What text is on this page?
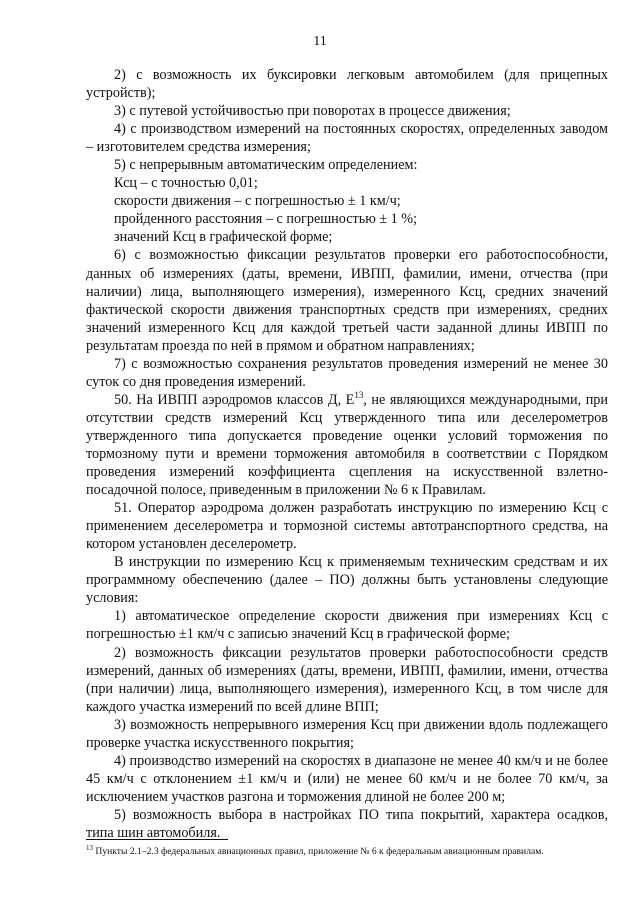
11

2) с возможность их буксировки легковым автомобилем (для прицепных устройств);

3) с путевой устойчивостью при поворотах в процессе движения;

4) с производством измерений на постоянных скоростях, определенных заводом – изготовителем средства измерения;

5) с непрерывным автоматическим определением:

Ксц – с точностью 0,01;

скорости движения – с погрешностью ± 1 км/ч;

пройденного расстояния – с погрешностью ± 1 %;

значений Ксц в графической форме;

6) с возможностью фиксации результатов проверки его работоспособности, данных об измерениях (даты, времени, ИВПП, фамилии, имени, отчества (при наличии) лица, выполняющего измерения), измеренного Ксц, средних значений фактической скорости движения транспортных средств при измерениях, средних значений измеренного Ксц для каждой третьей части заданной длины ИВПП по результатам проезда по ней в прямом и обратном направлениях;

7) с возможностью сохранения результатов проведения измерений не менее 30 суток со дня проведения измерений.

50. На ИВПП аэродромов классов Д, $Е^{13}$, не являющихся международными, при отсутствии средств измерений Ксц утвержденного типа или деселерометров утвержденного типа допускается проведение оценки условий торможения по тормозному пути и времени торможения автомобиля в соответствии с Порядком проведения измерений коэффициента сцепления на искусственной взлетно-посадочной полосе, приведенным в приложении № 6 к Правилам.

51. Оператор аэродрома должен разработать инструкцию по измерению Ксц с применением деселерометра и тормозной системы автотранспортного средства, на котором установлен деселерометр.

В инструкции по измерению Ксц к применяемым техническим средствам и их программному обеспечению (далее – ПО) должны быть установлены следующие условия:

1) автоматическое определение скорости движения при измерениях Ксц с погрешностью ±1 км/ч с записью значений Ксц в графической форме;

2) возможность фиксации результатов проверки работоспособности средств измерений, данных об измерениях (даты, времени, ИВПП, фамилии, имени, отчества (при наличии) лица, выполняющего измерения), измеренного Ксц, в том числе для каждого участка измерений по всей длине ВПП;

3) возможность непрерывного измерения Ксц при движении вдоль подлежащего проверке участка искусственного покрытия;

4) производство измерений на скоростях в диапазоне не менее 40 км/ч и не более 45 км/ч с отклонением ±1 км/ч и (или) не менее 60 км/ч и не более 70 км/ч, за исключением участков разгона и торможения длиной не более 200 м;

5) возможность выбора в настройках ПО типа покрытий, характера осадков, типа шин автомобиля.

$^{13}$ Пункты 2.1–2.3 федеральных авиационных правил, приложение № 6 к федеральным авиационным правилам.
